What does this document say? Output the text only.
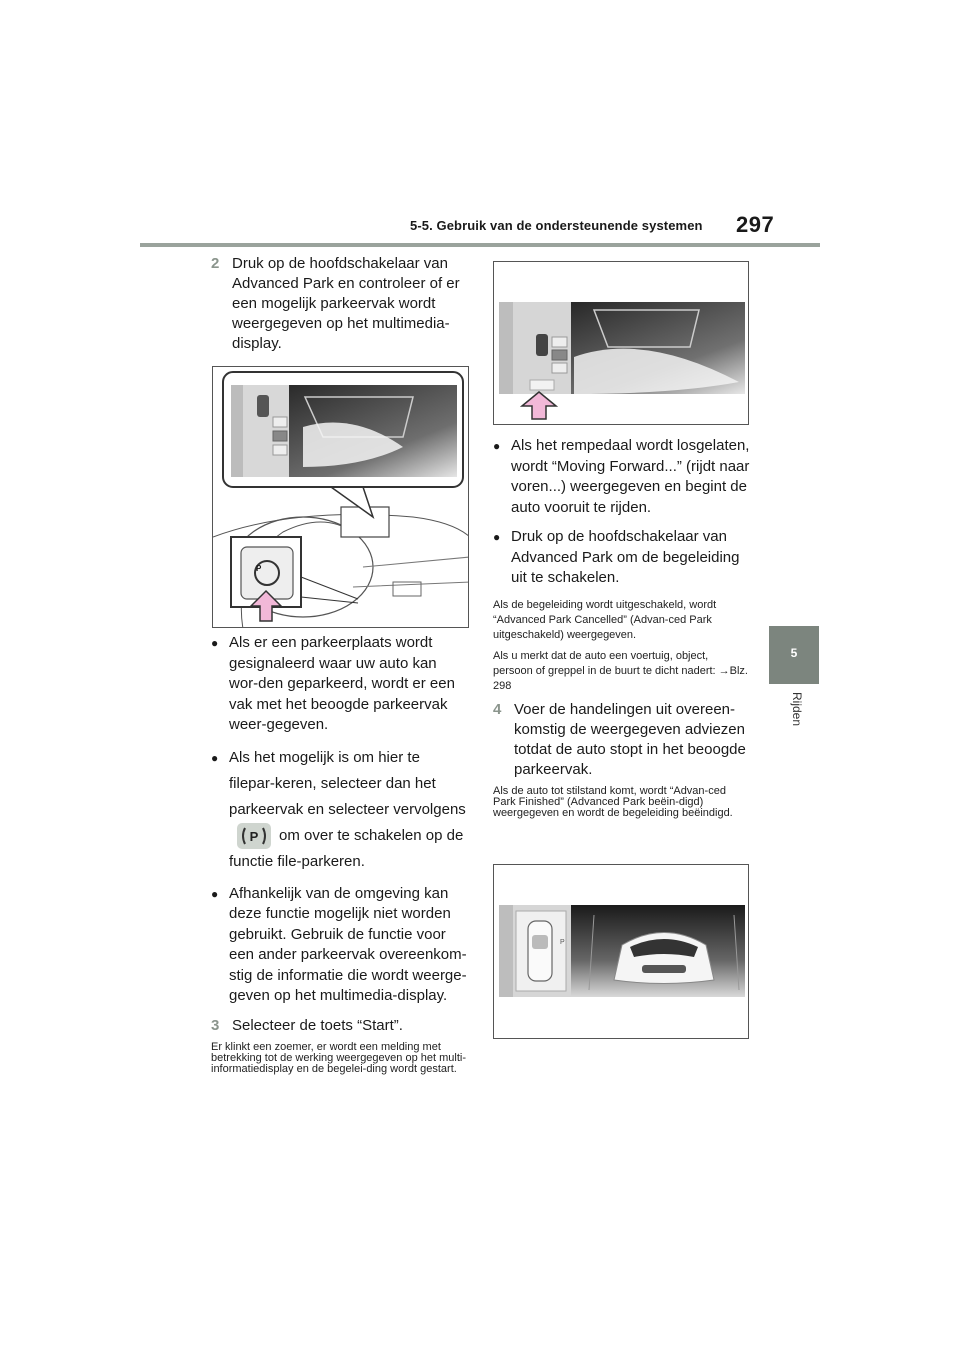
5-5. Gebruik van de ondersteunende systemen 297
5
Rijden
2 Druk op de hoofdschakelaar van Advanced Park en controleer of er een mogelijk parkeervak wordt weergegeven op het multimedia-display.
P
● Als er een parkeerplaats wordt gesignaleerd waar uw auto kan wor-den geparkeerd, wordt er een vak met het beoogde parkeervak weer-gegeven.
● Als het mogelijk is om hier te filepar-keren, selecteer dan het parkeervak en selecteer vervolgens
P om over te schakelen op de functie file-parkeren.
● Afhankelijk van de omgeving kan deze functie mogelijk niet worden gebruikt. Gebruik de functie voor een ander parkeervak overeenkom-stig de informatie die wordt weerge-geven op het multimedia-display.
3 Selecteer de toets “Start”.
Er klinkt een zoemer, er wordt een melding met betrekking tot de werking weergegeven op het multi-informatiedisplay en de begelei-ding wordt gestart.
● Als het rempedaal wordt losgelaten, wordt “Moving Forward...” (rijdt naar voren...) weergegeven en begint de auto vooruit te rijden.
● Druk op de hoofdschakelaar van Advanced Park om de begeleiding uit te schakelen.
Als de begeleiding wordt uitgeschakeld, wordt “Advanced Park Cancelled” (Advan-ced Park uitgeschakeld) weergegeven.
Als u merkt dat de auto een voertuig, object, persoon of greppel in de buurt te dicht nadert: →Blz. 298
4 Voer de handelingen uit overeen-komstig de weergegeven adviezen totdat de auto stopt in het beoogde parkeervak.
Als de auto tot stilstand komt, wordt “Advan-ced Park Finished” (Advanced Park beëin-digd) weergegeven en wordt de begeleiding beëindigd.
P
